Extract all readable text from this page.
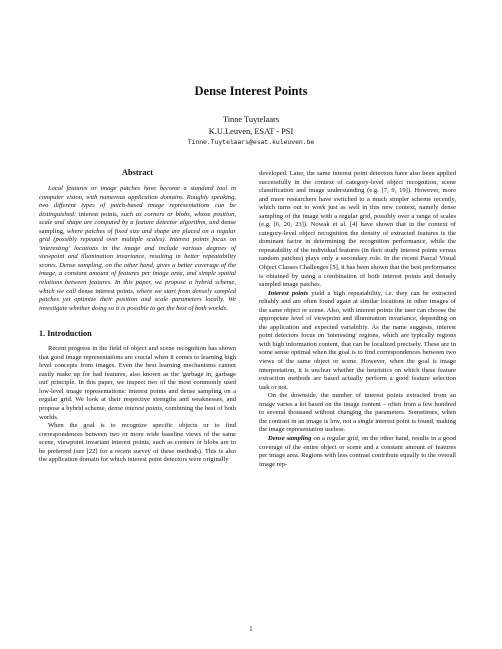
Dense Interest Points
Tinne Tuytelaars
K.U.Leuven, ESAT - PSI
Tinne.Tuytelaars@esat.kuleuven.be
Abstract

Local features or image patches have become a standard tool in computer vision, with numerous application domains. Roughly speaking, two different types of patch-based image representations can be distinguished: interest points, such as corners or blobs, whose position, scale and shape are computed by a feature detector algorithm, and dense sampling, where patches of fixed size and shape are placed on a regular grid (possibly repeated over multiple scales). Interest points focus on 'interesting' locations in the image and include various degrees of viewpoint and illumination invariance, resulting in better repeatability scores. Dense sampling, on the other hand, gives a better coverage of the image, a constant amount of features per image area, and simple spatial relations between features. In this paper, we propose a hybrid scheme, which we call dense interest points, where we start from densely sampled patches yet optimize their position and scale parameters locally. We investigate whether doing so it is possible to get the best of both worlds.

1. Introduction

Recent progress in the field of object and scene recognition has shown that good image representations are crucial when it comes to learning high level concepts from images. Even the best learning mechanisms cannot easily make up for bad features, also known as the 'garbage in, garbage out' principle. In this paper, we inspect two of the most commonly used low-level image representations: interest points and dense sampling on a regular grid. We look at their respective strengths and weaknesses, and propose a hybrid scheme, dense interest points, combining the best of both worlds.

When the goal is to recognize specific objects or to find correspondences between two or more wide baseline views of the same scene, viewpoint invariant interest points, such as corners or blobs are to be preferred (see [22] for a recent survey of these methods). This is also the application domain for which interest point detectors were originally

developed. Later, the same interest point detectors have also been applied successfully in the context of category-level object recognition, scene classification and image understanding (e.g. [7, 9, 19]). However, more and more researchers have switched to a much simpler scheme recently, which turns out to work just as well in this new context, namely dense sampling of the image with a regular grid, possibly over a range of scales (e.g. [6, 20, 23]). Nowak et al. [4] have shown that in the context of category-level object recognition the density of extracted features is the dominant factor in determining the recognition performance, while the repeatability of the individual features (in their study interest points versus random patches) plays only a secondary role. In the recent Pascal Visual Object Classes Challenges [5], it has been shown that the best performance is obtained by using a combination of both interest points and densely sampled image patches.

Interest points yield a high repeatability, i.e. they can be extracted reliably and are often found again at similar locations in other images of the same object or scene. Also, with interest points the user can choose the appropriate level of viewpoint and illumination invariance, depending on the application and expected variability. As the name suggests, interest point detectors focus on 'interesting' regions, which are typically regions with high information content, that can be localized precisely. These are in some sense optimal when the goal is to find correspondences between two views of the same object or scene. However, when the goal is image interpretation, it is unclear whether the heuristics on which these feature extraction methods are based actually perform a good feature selection task or not.

On the downside, the number of interest points extracted from an image varies a lot based on the image content – often from a few hundred to several thousand without changing the parameters. Sometimes, when the contrast in an image is low, not a single interest point is found, making the image representation useless.

Dense sampling on a regular grid, on the other hand, results in a good coverage of the entire object or scene and a constant amount of features per image area. Regions with less contrast contribute equally to the overall image rep-

1
